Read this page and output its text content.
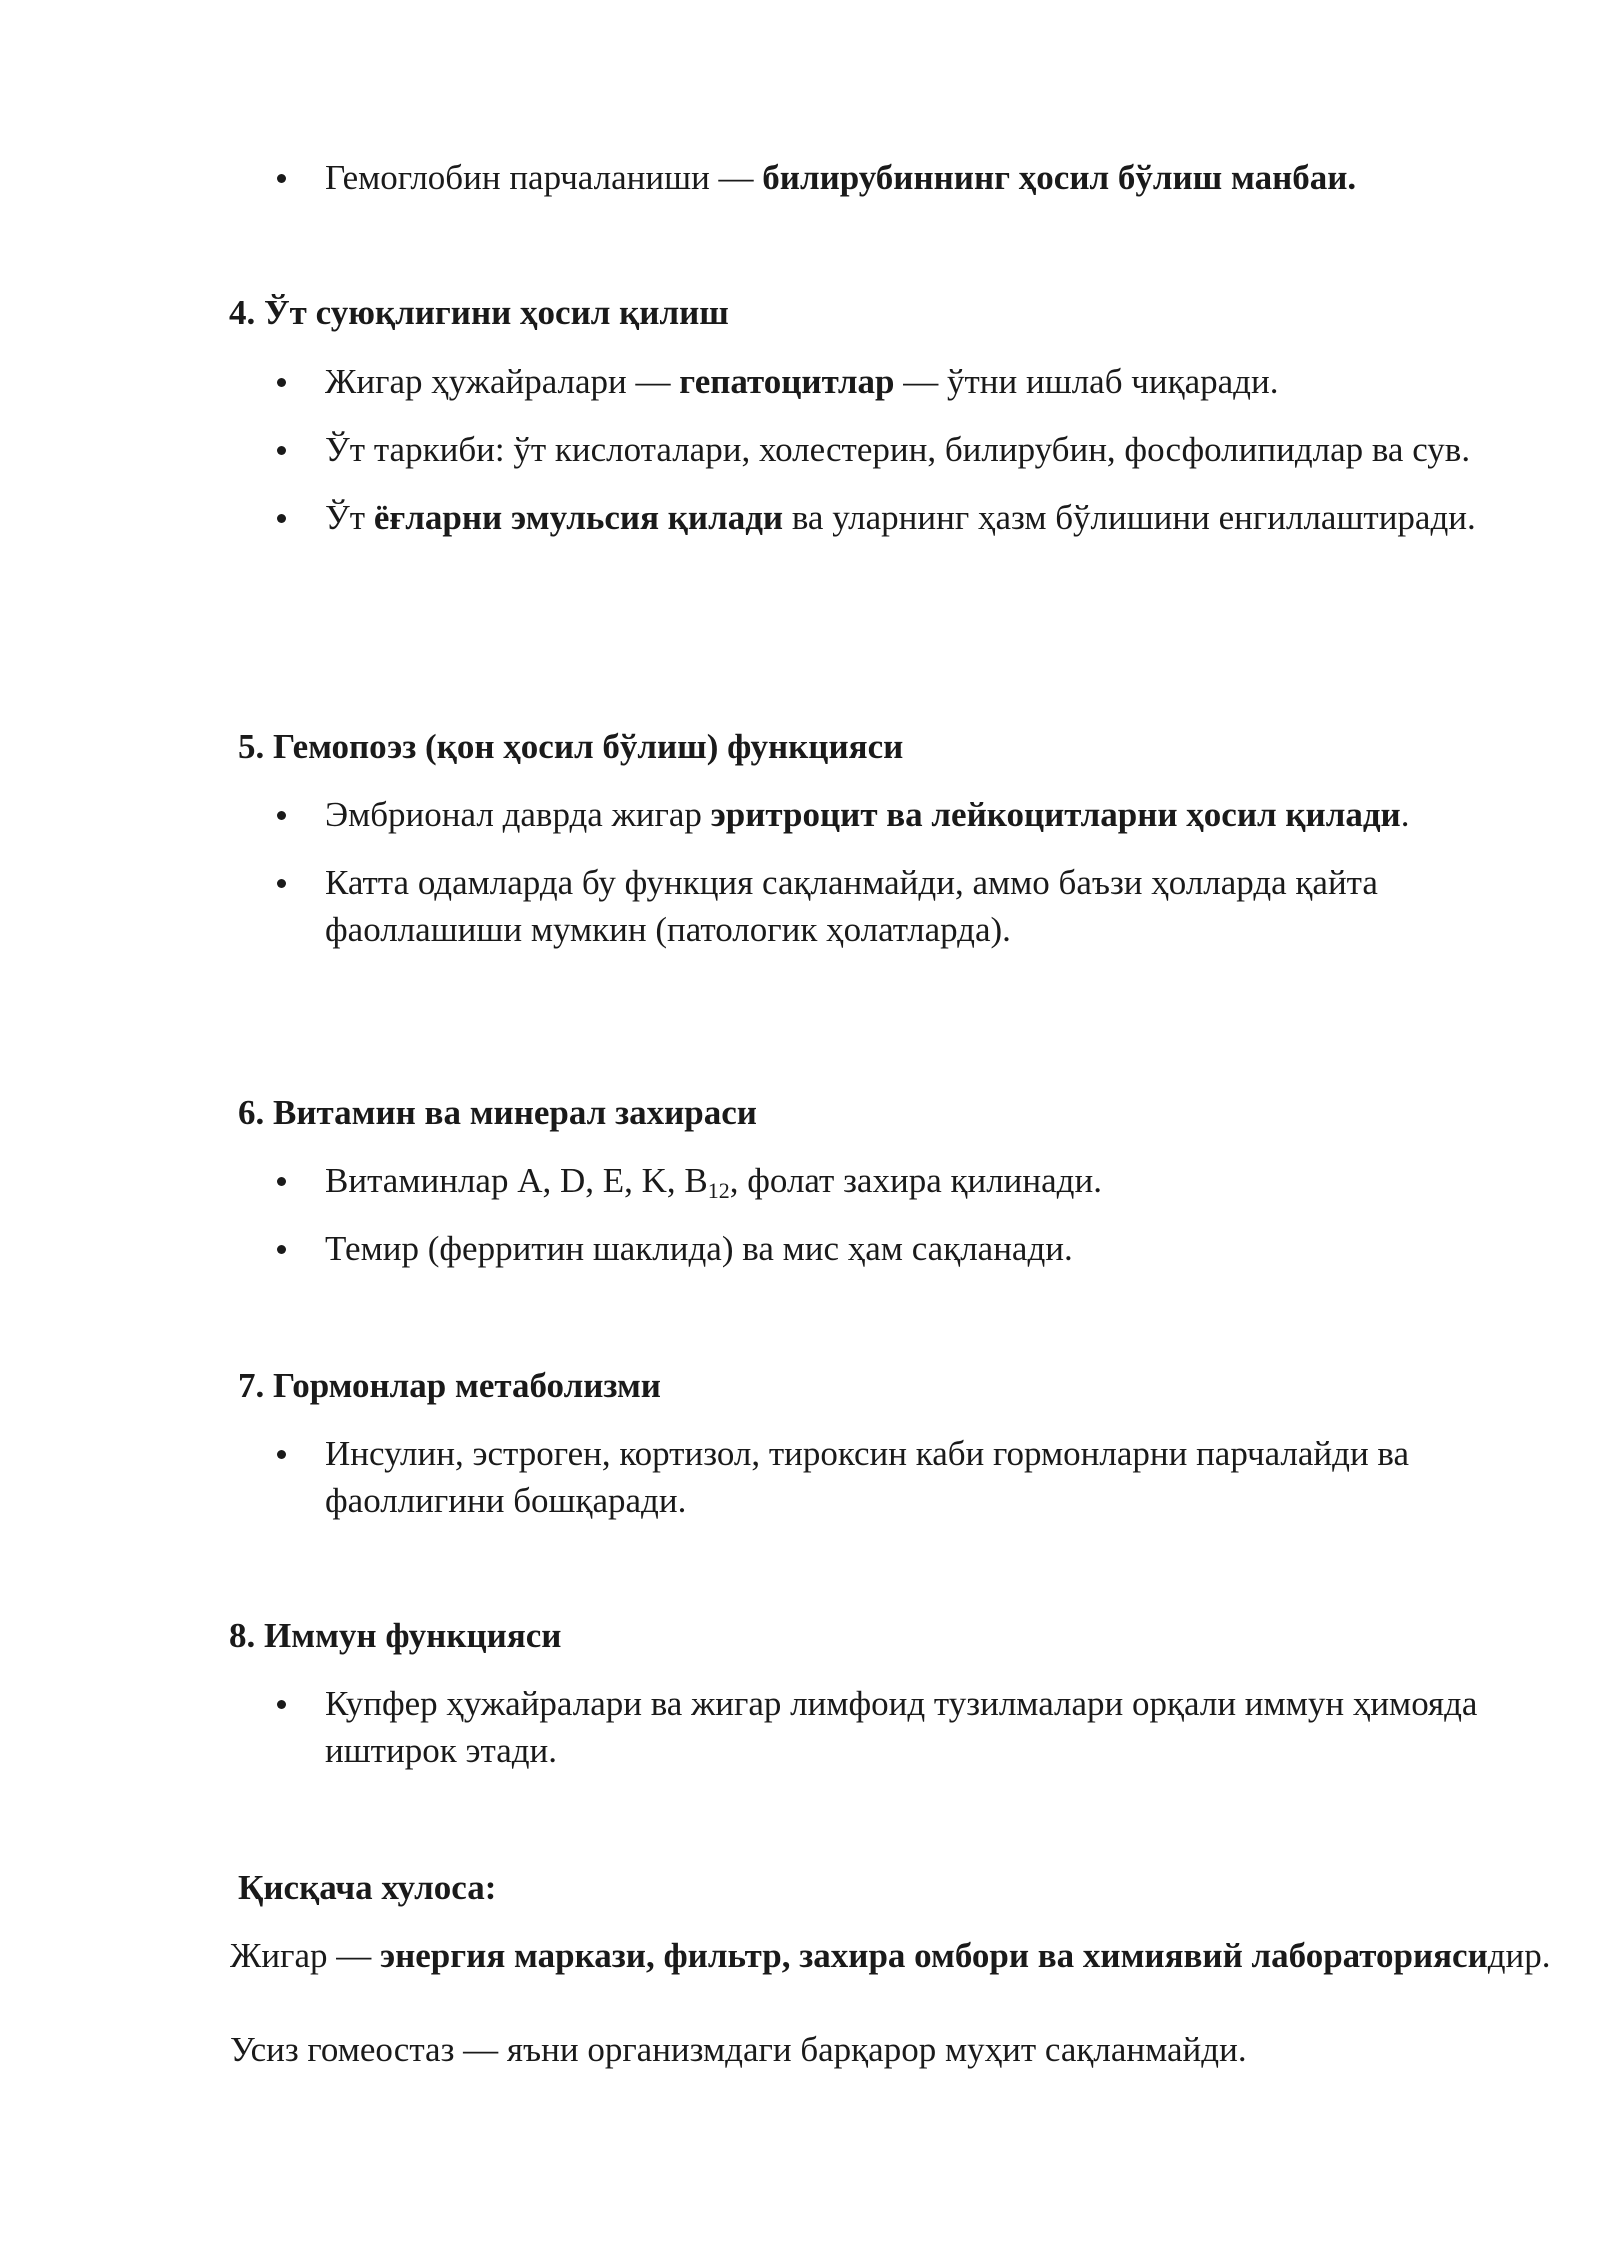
Гемоглобин парчаланиши — билирубиннинг ҳосил бўлиш манбаи.
4. Ўт суюқлигини ҳосил қилиш
Жигар ҳужайралари — гепатоцитлар — ўтни ишлаб чиқаради.
Ўт таркиби: ўт кислоталари, холестерин, билирубин, фосфолипидлар ва сув.
Ўт ёғларни эмульсия қилади ва уларнинг ҳазм бўлишини енгиллаштиради.
5. Гемопоэз (қон ҳосил бўлиш) функцияси
Эмбрионал даврда жигар эритроцит ва лейкоцитларни ҳосил қилади.
Катта одамларда бу функция сақланмайди, аммо баъзи ҳолларда қайта фаоллашиши мумкин (патологик ҳолатларда).
6. Витамин ва минерал захираси
Витаминлар A, D, E, K, $B_{12}$, фолат захира қилинади.
Темир (ферритин шаклида) ва мис ҳам сақланади.
7. Гормонлар метаболизми
Инсулин, эстроген, кортизол, тироксин каби гормонларни парчалайди ва фаоллигини бошқаради.
8. Иммун функцияси
Купфер ҳужайралари ва жигар лимфоид тузилмалари орқали иммун ҳимояда иштирок этади.
Қисқача хулоса:
Жигар — энергия маркази, фильтр, захира омбори ва химиявий лабораториясидир.
Усиз гомеостаз — яъни организмдаги барқарор муҳит сақланмайди.
